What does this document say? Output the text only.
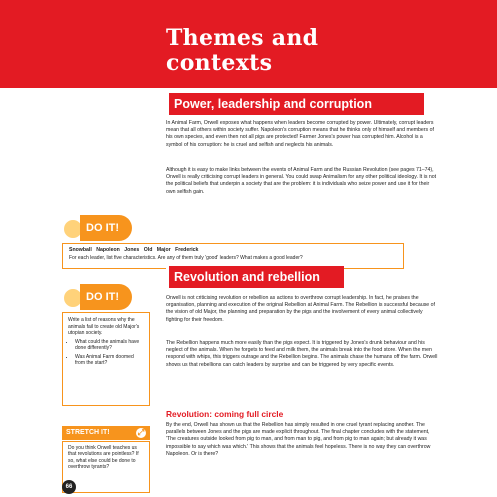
Themes and
contexts
Power, leadership and corruption

In Animal Farm, Orwell exposes what happens when leaders become corrupted by power. Ultimately, corrupt leaders mean that all others within society suffer. Napoleon's corruption means that he thinks only of himself and members of his own species, and even then not all pigs are protected! Farmer Jones's power has corrupted him. Alcohol is a symbol of his corruption: he is cruel and selfish and neglects his animals.

Although it is easy to make links between the events of Animal Farm and the Russian Revolution (see pages 71–74), Orwell is really criticising corrupt leaders in general. You could swap Animalism for any other political ideology. It is not the political beliefs that underpin a society that are the problem: it is individuals who seize power and use it for their own selfish gain.

DO IT!
Snowball Napoleon Jones Old Major Frederick
For each leader, list five characteristics. Are any of them truly 'good' leaders? What makes a good leader?
Revolution and rebellion

Orwell is not criticising revolution or rebellion as actions to overthrow corrupt leadership. In fact, he praises the organisation, planning and execution of the original Rebellion at Animal Farm. The Rebellion is successful because of the vision of old Major, the planning and preparation by the pigs and the involvement of every animal collectively fighting for their freedom.

The Rebellion happens much more easily than the pigs expect. It is triggered by Jones's drunk behaviour and his neglect of the animals. When he forgets to feed and milk them, the animals break into the food store. When the men respond with whips, this triggers outrage and the Rebellion begins. The animals chase the humans off the farm. Orwell shows us that rebellions can catch leaders by surprise and can be triggered by very specific events.

DO IT!
Write a list of reasons why the animals fail to create old Major's utopian society.
• What could the animals have done differently?
• Was Animal Farm doomed from the start?
Revolution: coming full circle

By the end, Orwell has shown us that the Rebellion has simply resulted in one cruel tyrant replacing another. The parallels between Jones and the pigs are made explicit throughout. The final chapter concludes with the statement, 'The creatures outside looked from pig to man, and from man to pig, and from pig to man again; but already it was impossible to say which was which.' This shows that the animals feel hopeless. There is no way they can overthrow Napoleon. Or is there?

STRETCH IT!	⤢
Do you think Orwell teaches us that revolutions are pointless? If so, what else could be done to overthrow tyrants?
66
